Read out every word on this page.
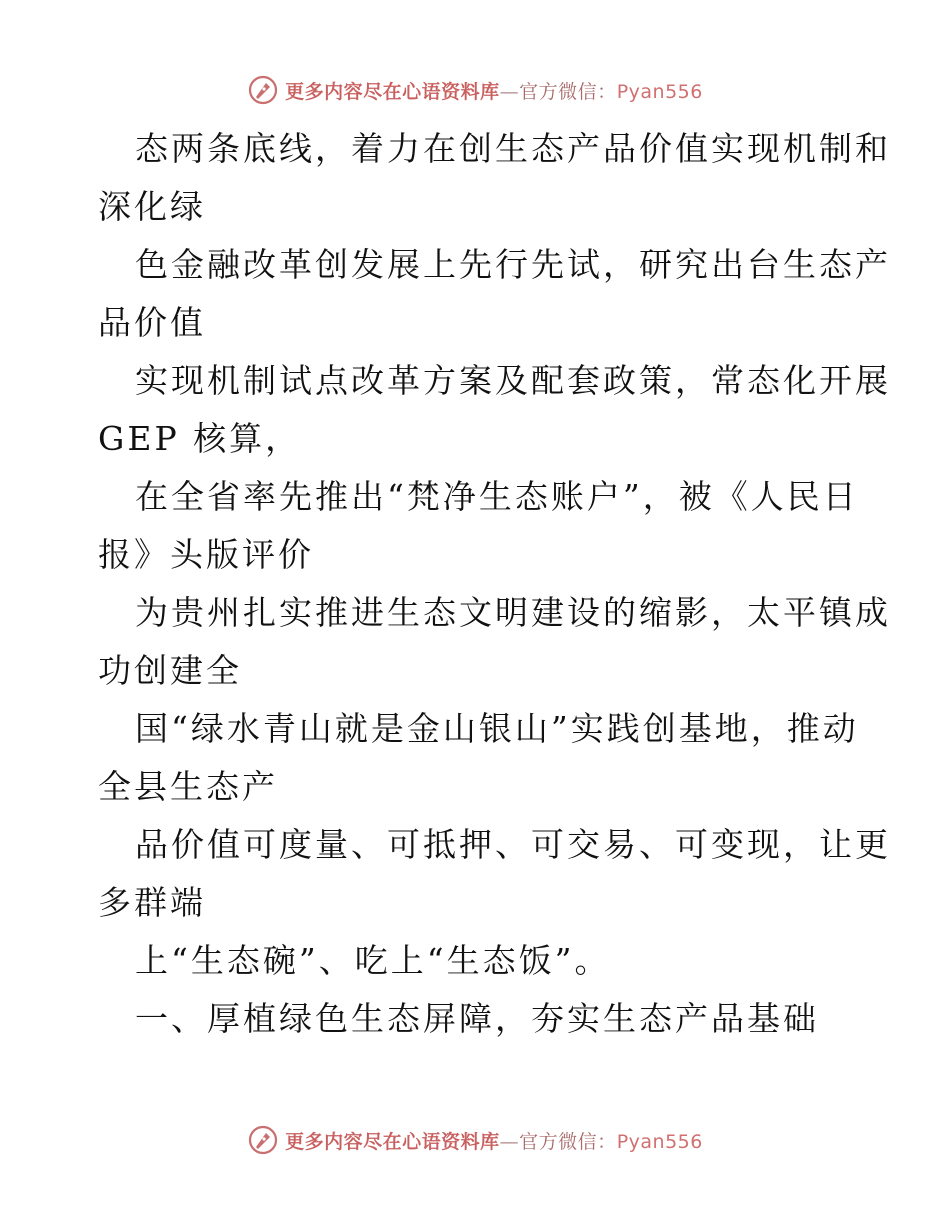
更多内容尽在心语资料库—官方微信：Pyan556
态两条底线，着力在创生态产品价值实现机制和
深化绿
色金融改革创发展上先行先试，研究出台生态产
品价值
实现机制试点改革方案及配套政策，常态化开展
GEP 核算，
在全省率先推出“梵净生态账户”，被《人民日
报》头版评价
为贵州扎实推进生态文明建设的缩影，太平镇成
功创建全
国“绿水青山就是金山银山”实践创基地，推动
全县生态产
品价值可度量、可抵押、可交易、可变现，让更
多群端
上“生态碗”、吃上“生态饭”。
一、厚植绿色生态屏障，夯实生态产品基础
更多内容尽在心语资料库—官方微信：Pyan556
